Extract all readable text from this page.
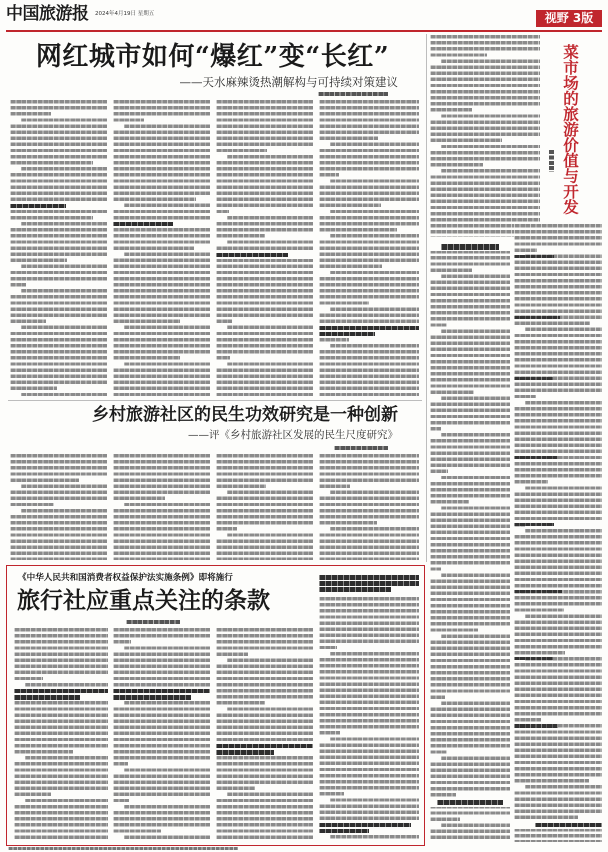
中国旅游报 2024年4月19日 星期五	视野 3版
网红城市如何“爆红”变“长红”
——天水麻辣烫热潮解构与可持续对策建议
乡村旅游社区的民生功效研究是一种创新
——评《乡村旅游社区发展的民生尺度研究》
《中华人民共和国消费者权益保护法实施条例》即将施行
旅行社应重点关注的条款
菜市场的旅游价值与开发
